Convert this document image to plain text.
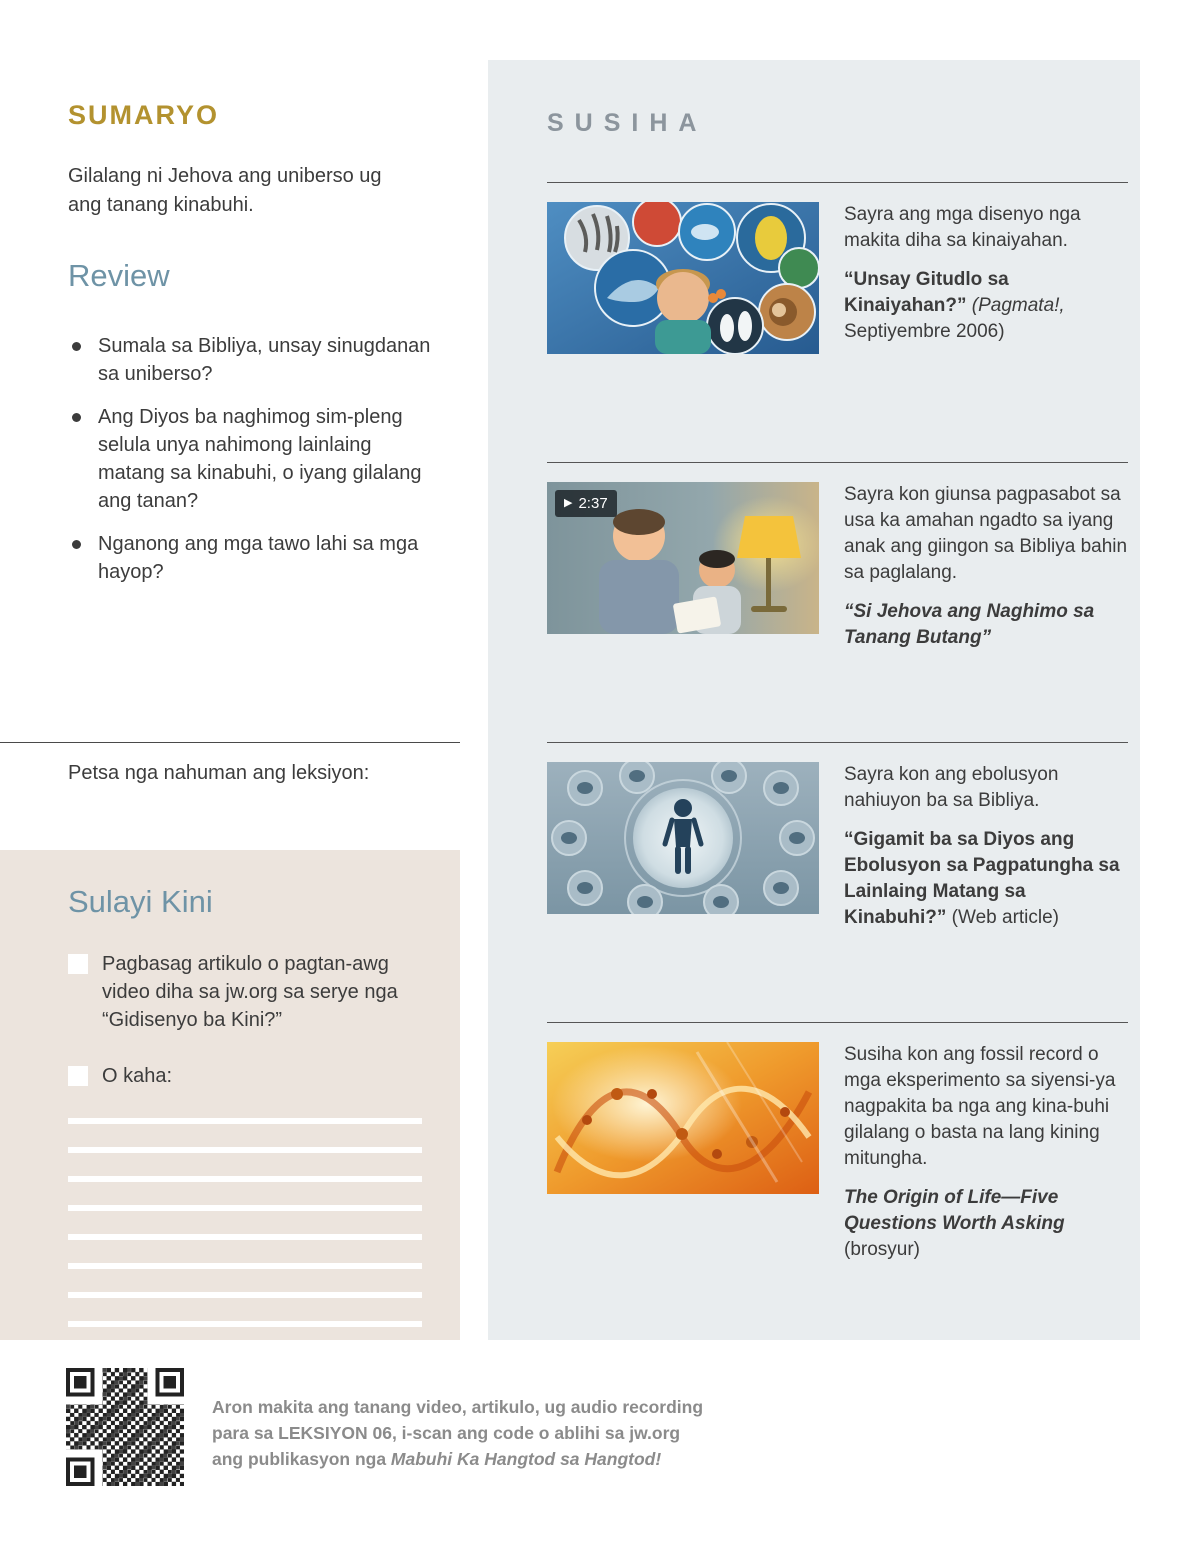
SUMARYO

Gilalang ni Jehova ang uniberso ug ang tanang kinabuhi.

Review
Sumala sa Bibliya, unsay sinugdanan sa uniberso?
Ang Diyos ba naghimog sim-pleng selula unya nahimong lainlaing matang sa kinabuhi, o iyang gilalang ang tanan?
Nganong ang mga tawo lahi sa mga hayop?

Petsa nga nahuman ang leksiyon:

Sulayi Kini
Pagbasag artikulo o pagtan-awg video diha sa jw.org sa serye nga “Gidisenyo ba Kini?”
O kaha:
SUSIHA

Sayra ang mga disenyo nga makita diha sa kinaiyahan.

“Unsay Gitudlo sa Kinaiyahan?” (Pagmata!, Septiyembre 2006)

▶ 2:37	Sayra kon giunsa pagpasabot sa usa ka amahan ngadto sa iyang anak ang giingon sa Bibliya bahin sa paglalang.

“Si Jehova ang Naghimo sa Tanang Butang”

Sayra kon ang ebolusyon nahiuyon ba sa Bibliya.

“Gigamit ba sa Diyos ang Ebolusyon sa Pagpatungha sa Lainlaing Matang sa Kinabuhi?” (Web article)

Susiha kon ang fossil record o mga eksperimento sa siyensi-ya nagpakita ba nga ang kina-buhi gilalang o basta na lang kining mitungha.

The Origin of Life—Five Questions Worth Asking (brosyur)

Aron makita ang tanang video, artikulo, ug audio recording
para sa LEKSIYON 06, i-scan ang code o ablihi sa jw.org
ang publikasyon nga Mabuhi Ka Hangtod sa Hangtod!
